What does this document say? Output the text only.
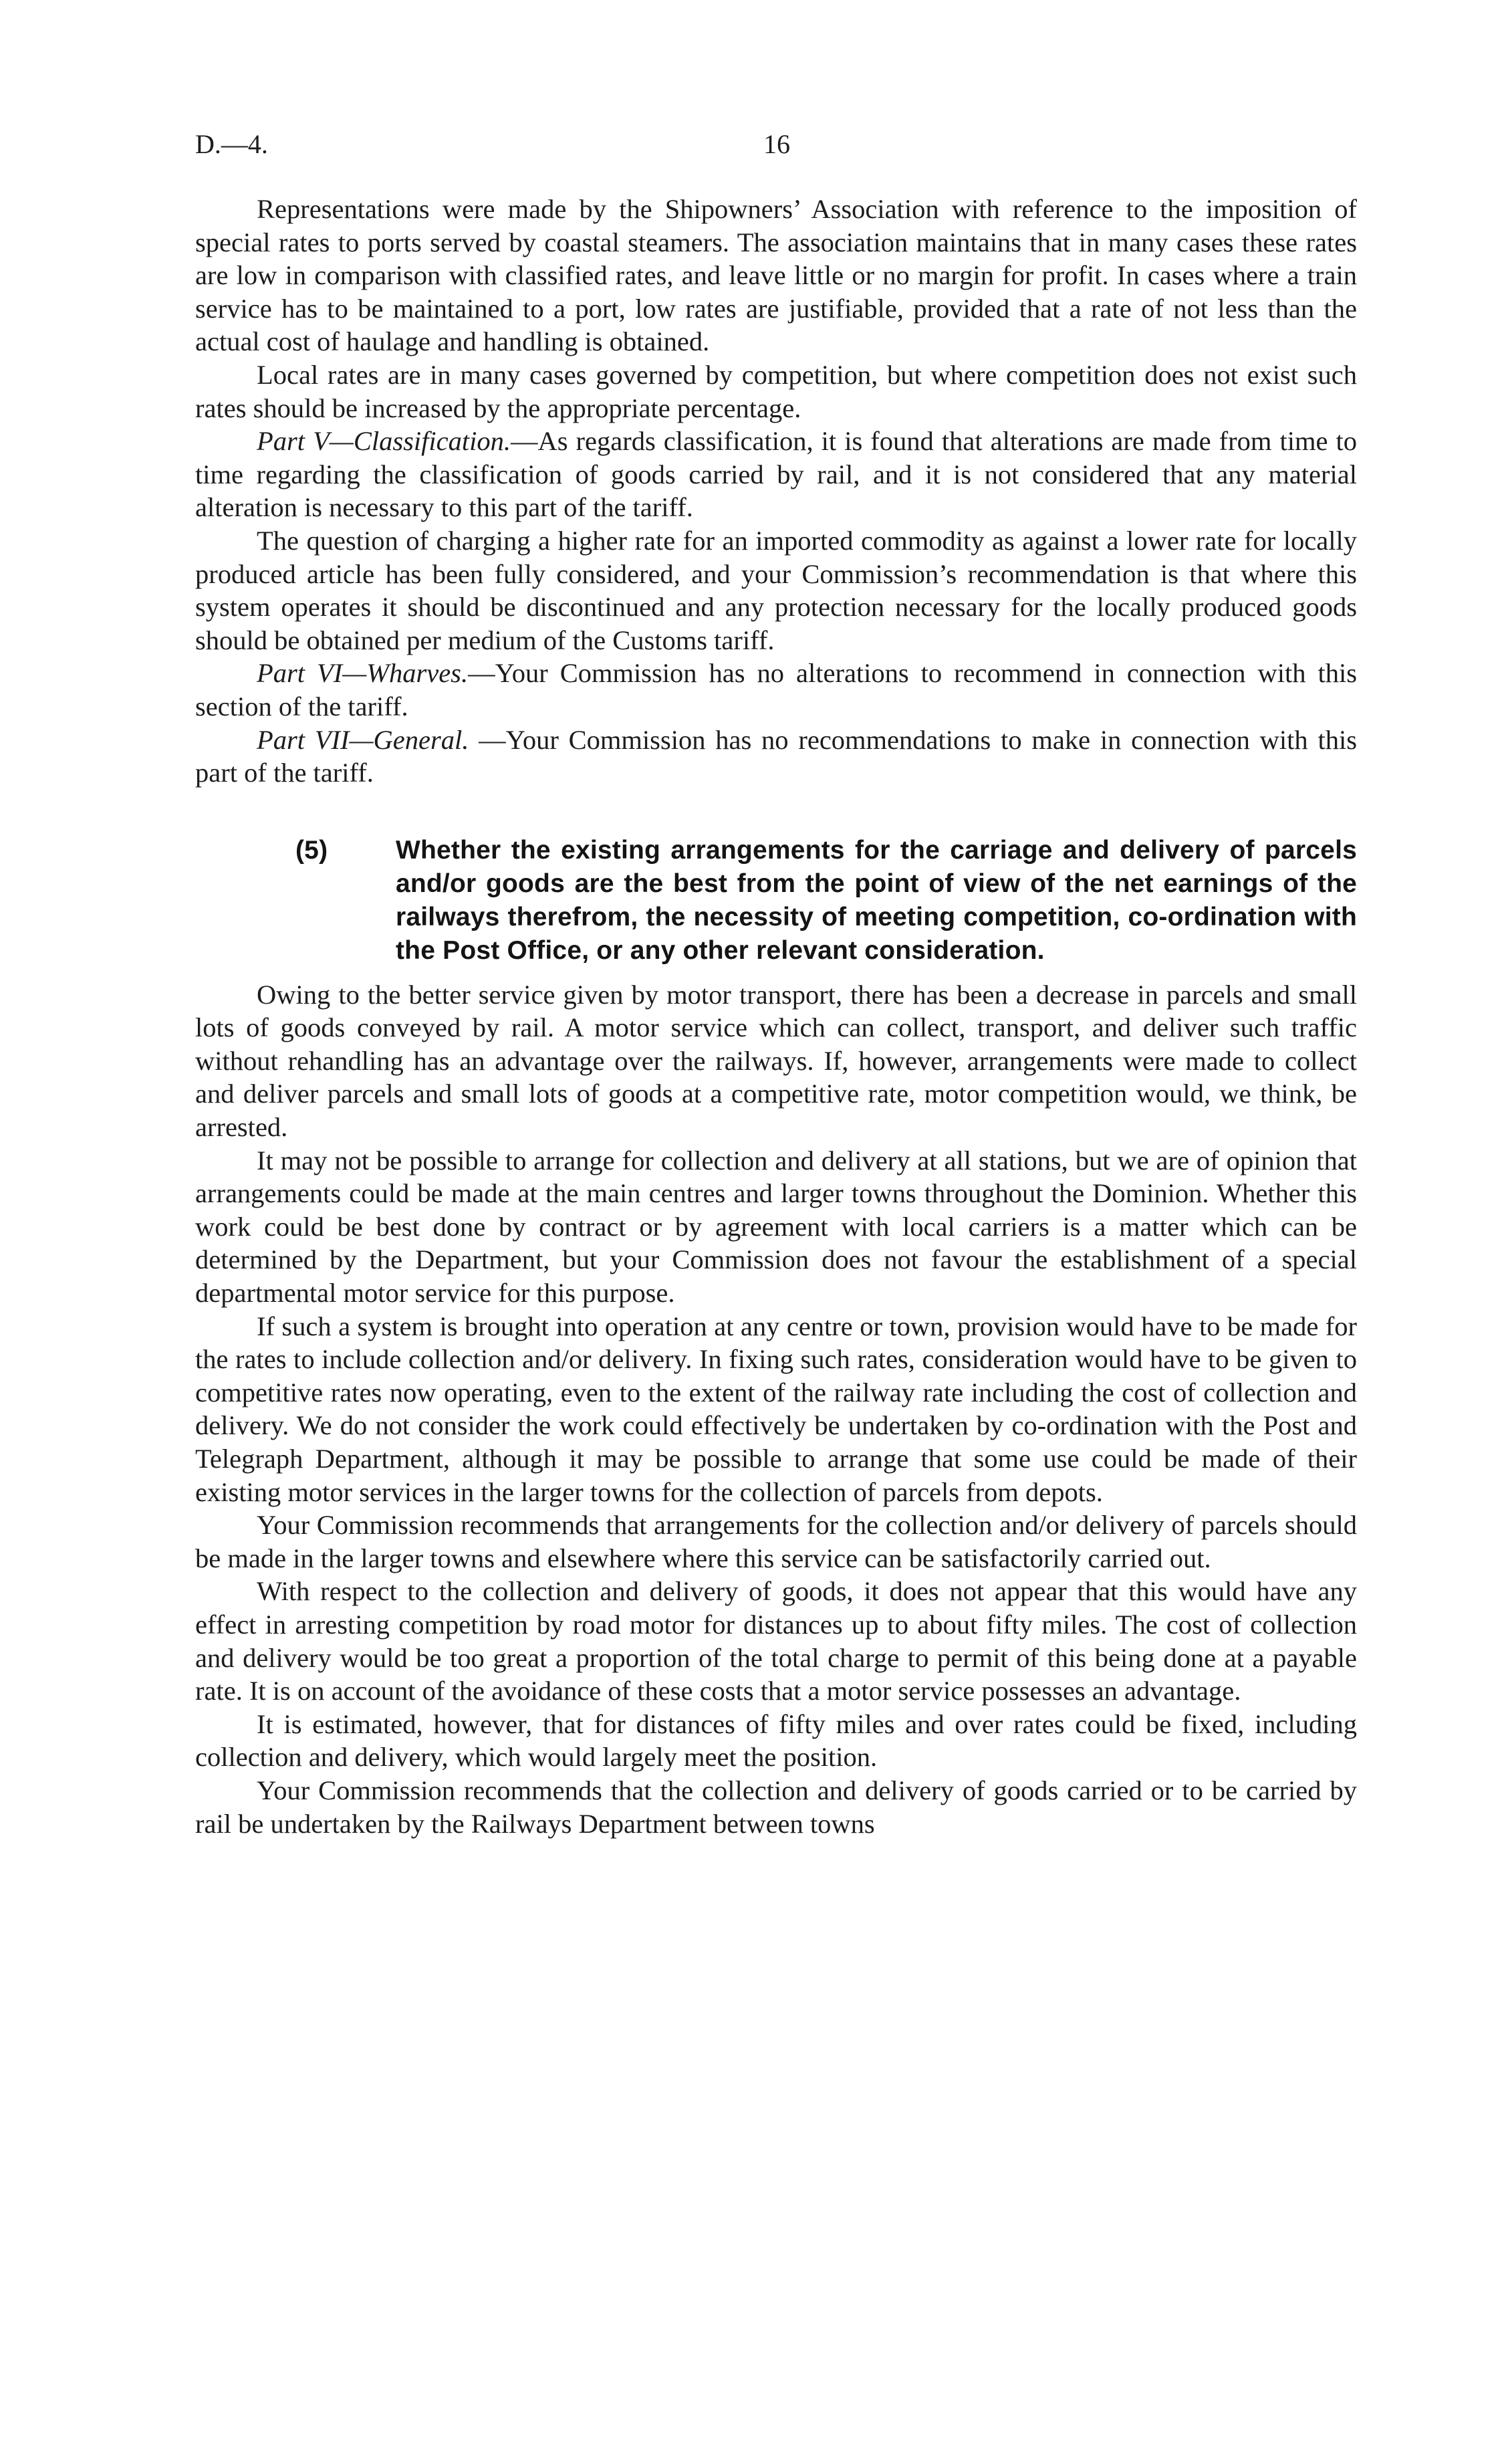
D.—4.	16

Representations were made by the Shipowners’ Association with reference to the imposition of special rates to ports served by coastal steamers. The association maintains that in many cases these rates are low in comparison with classified rates, and leave little or no margin for profit. In cases where a train service has to be maintained to a port, low rates are justifiable, provided that a rate of not less than the actual cost of haulage and handling is obtained.

Local rates are in many cases governed by competition, but where competition does not exist such rates should be increased by the appropriate percentage.

Part V—Classification.—As regards classification, it is found that alterations are made from time to time regarding the classification of goods carried by rail, and it is not considered that any material alteration is necessary to this part of the tariff.

The question of charging a higher rate for an imported commodity as against a lower rate for locally produced article has been fully considered, and your Commission’s recommendation is that where this system operates it should be discontinued and any protection necessary for the locally produced goods should be obtained per medium of the Customs tariff.

Part VI—Wharves.—Your Commission has no alterations to recommend in connection with this section of the tariff.

Part VII—General. —Your Commission has no recommendations to make in connection with this part of the tariff.

(5)	Whether the existing arrangements for the carriage and delivery of parcels and/or goods are the best from the point of view of the net earnings of the railways therefrom, the necessity of meeting competition, co-ordination with the Post Office, or any other relevant consideration.

Owing to the better service given by motor transport, there has been a decrease in parcels and small lots of goods conveyed by rail. A motor service which can collect, transport, and deliver such traffic without rehandling has an advantage over the railways. If, however, arrangements were made to collect and deliver parcels and small lots of goods at a competitive rate, motor competition would, we think, be arrested.

It may not be possible to arrange for collection and delivery at all stations, but we are of opinion that arrangements could be made at the main centres and larger towns throughout the Dominion. Whether this work could be best done by contract or by agreement with local carriers is a matter which can be determined by the Department, but your Commission does not favour the establishment of a special departmental motor service for this purpose.

If such a system is brought into operation at any centre or town, provision would have to be made for the rates to include collection and/or delivery. In fixing such rates, consideration would have to be given to competitive rates now operating, even to the extent of the railway rate including the cost of collection and delivery. We do not consider the work could effectively be undertaken by co-ordination with the Post and Telegraph Department, although it may be possible to arrange that some use could be made of their existing motor services in the larger towns for the collection of parcels from depots.

Your Commission recommends that arrangements for the collection and/or delivery of parcels should be made in the larger towns and elsewhere where this service can be satisfactorily carried out.

With respect to the collection and delivery of goods, it does not appear that this would have any effect in arresting competition by road motor for distances up to about fifty miles. The cost of collection and delivery would be too great a proportion of the total charge to permit of this being done at a payable rate. It is on account of the avoidance of these costs that a motor service possesses an advantage.

It is estimated, however, that for distances of fifty miles and over rates could be fixed, including collection and delivery, which would largely meet the position.

Your Commission recommends that the collection and delivery of goods carried or to be carried by rail be undertaken by the Railways Department between towns
